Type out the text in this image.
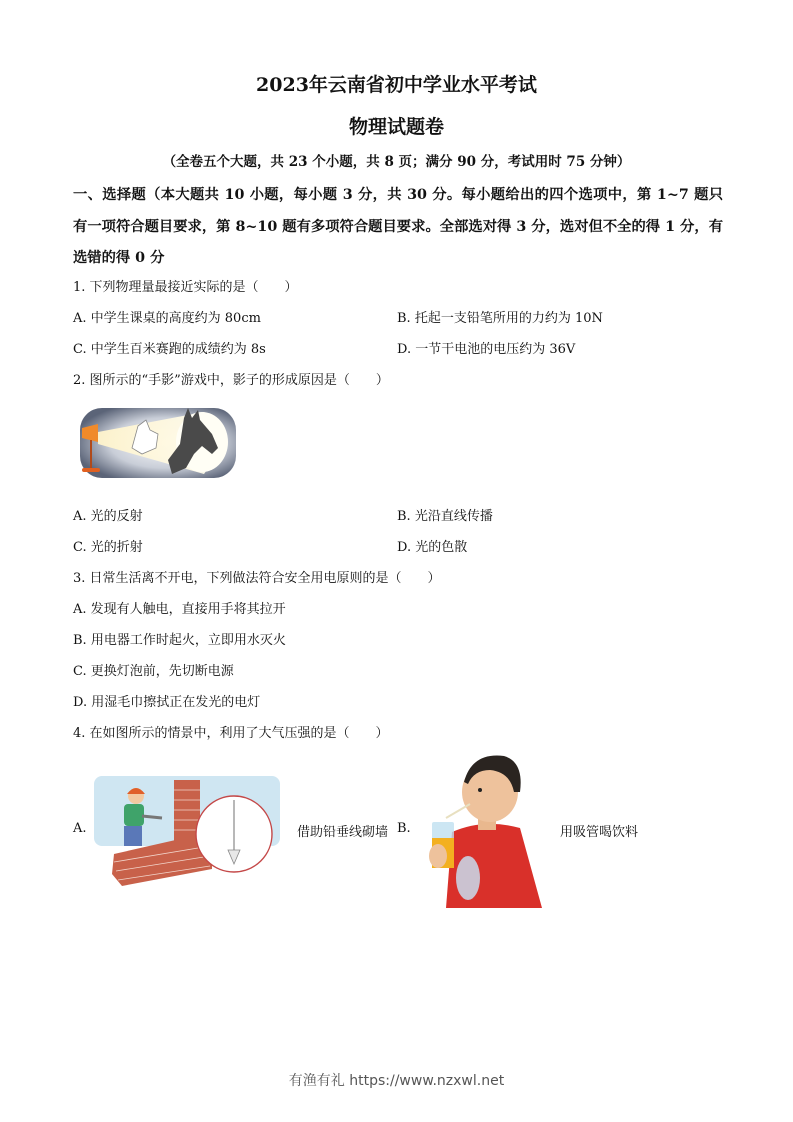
2023年云南省初中学业水平考试
物理试题卷
（全卷五个大题，共 23 个小题，共 8 页；满分 90 分，考试用时 75 分钟）
一、选择题（本大题共 10 小题，每小题 3 分，共 30 分。每小题给出的四个选项中，第 1~7 题只有一项符合题目要求，第 8~10 题有多项符合题目要求。全部选对得 3 分，选对但不全的得 1 分，有选错的得 0 分
1. 下列物理量最接近实际的是（　　）
A. 中学生课桌的高度约为 80cm	B. 托起一支铅笔所用的力约为 10N
C. 中学生百米赛跑的成绩约为 8s	D. 一节干电池的电压约为 36V
2. 图所示的“手影”游戏中，影子的形成原因是（　　）
A. 光的反射	B. 光沿直线传播
C. 光的折射	D. 光的色散
3. 日常生活离不开电，下列做法符合安全用电原则的是（　　）
A. 发现有人触电，直接用手将其拉开
B. 用电器工作时起火，立即用水灭火
C. 更换灯泡前，先切断电源
D. 用湿毛巾擦拭正在发光的电灯
4. 在如图所示的情景中，利用了大气压强的是（　　）
A.	借助铅垂线砌墙 B.	用吸管喝饮料
有渔有礼 https://www.nzxwl.net
